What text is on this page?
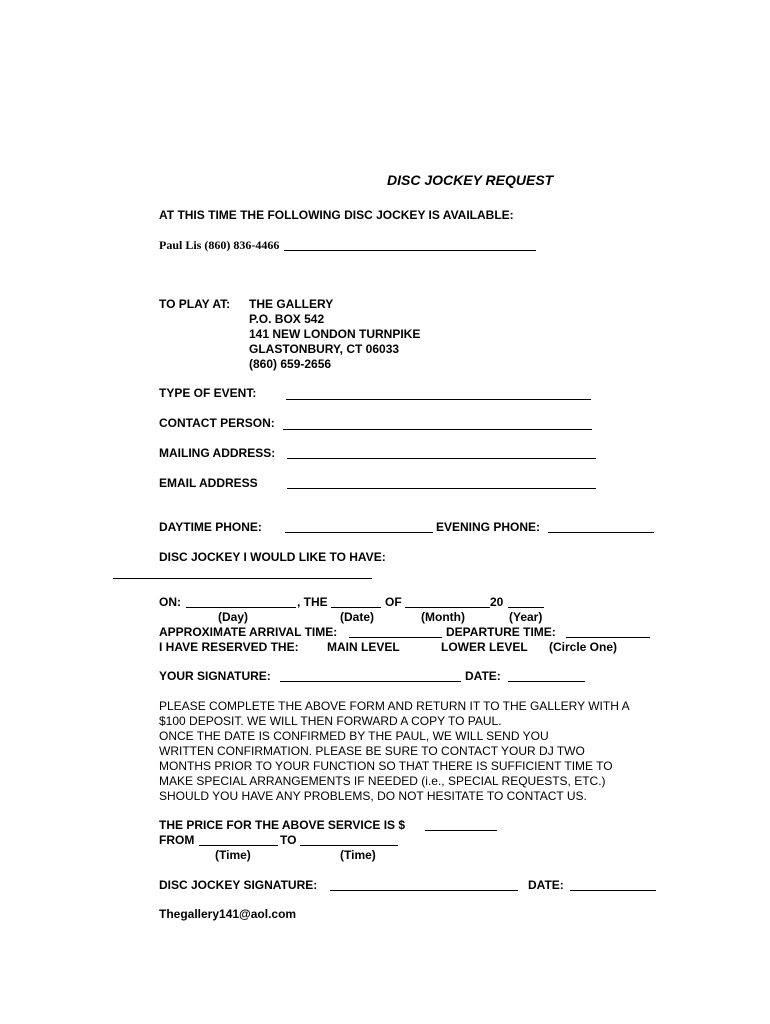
DISC JOCKEY REQUEST
AT THIS TIME THE FOLLOWING DISC JOCKEY IS AVAILABLE:
Paul Lis (860) 836-4466
TO PLAY AT: THE GALLERY
P.O. BOX 542
141 NEW LONDON TURNPIKE
GLASTONBURY, CT 06033
(860) 659-2656
TYPE OF EVENT:
CONTACT PERSON:
MAILING ADDRESS:
EMAIL ADDRESS
DAYTIME PHONE:	EVENING PHONE:
DISC JOCKEY I WOULD LIKE TO HAVE:
ON:	, THE	OF	20
(Day)	(Date)	(Month)	(Year)
APPROXIMATE ARRIVAL TIME:	DEPARTURE TIME:
I HAVE RESERVED THE: MAIN LEVEL	LOWER LEVEL (Circle One)
YOUR SIGNATURE:	DATE:
PLEASE COMPLETE THE ABOVE FORM AND RETURN IT TO THE GALLERY WITH A
$100 DEPOSIT. WE WILL THEN FORWARD A COPY TO PAUL.
ONCE THE DATE IS CONFIRMED BY THE PAUL, WE WILL SEND YOU
WRITTEN CONFIRMATION. PLEASE BE SURE TO CONTACT YOUR DJ TWO
MONTHS PRIOR TO YOUR FUNCTION SO THAT THERE IS SUFFICIENT TIME TO
MAKE SPECIAL ARRANGEMENTS IF NEEDED (i.e., SPECIAL REQUESTS, ETC.)
SHOULD YOU HAVE ANY PROBLEMS, DO NOT HESITATE TO CONTACT US.
THE PRICE FOR THE ABOVE SERVICE IS $
FROM	TO
(Time)	(Time)
DISC JOCKEY SIGNATURE:	DATE:
Thegallery141@aol.com
